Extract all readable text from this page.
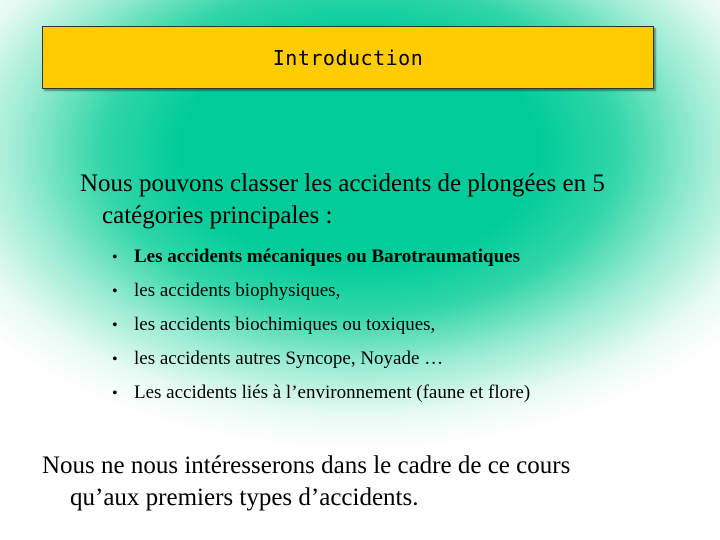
Introduction
Nous pouvons classer les accidents de plongées en 5
catégories principales :
• Les accidents mécaniques ou Barotraumatiques
• les accidents biophysiques,
• les accidents biochimiques ou toxiques,
• les accidents autres Syncope, Noyade …
• Les accidents liés à l’environnement (faune et flore)
Nous ne nous intéresserons dans le cadre de ce cours
qu’aux premiers types d’accidents.
